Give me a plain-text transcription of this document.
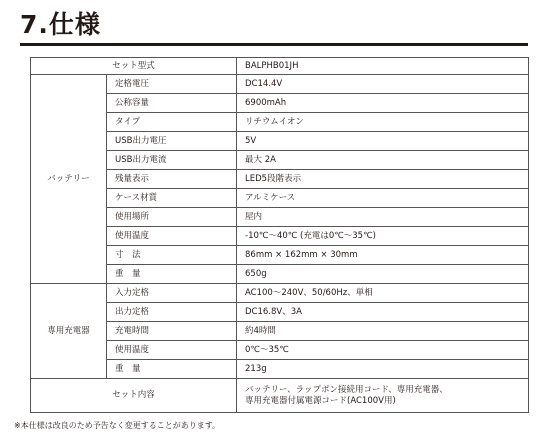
7.仕様
セット型式		BALPHB01JH
バッテリー	定格電圧	DC14.4V
	公称容量	6900mAh
	タイプ	リチウムイオン
	USB出力電圧	5V
	USB出力電流	最大 2A
	残量表示	LED5段階表示
	ケース材質	アルミケース
	使用場所	屋内
	使用温度	-10℃～40℃ (充電は0℃～35℃)
	寸　法	86mm × 162mm × 30mm
	重　量	650g
専用充電器	入力定格	AC100～240V、50/60Hz、単相
	出力定格	DC16.8V、3A
	充電時間	約4時間
	使用温度	0℃～35℃
	重　量	213g
セット内容		バッテリー、ラップポン接続用コード、専用充電器、
専用充電器付属電源コード(AC100V用)

※本仕様は改良のため予告なく変更することがあります。
